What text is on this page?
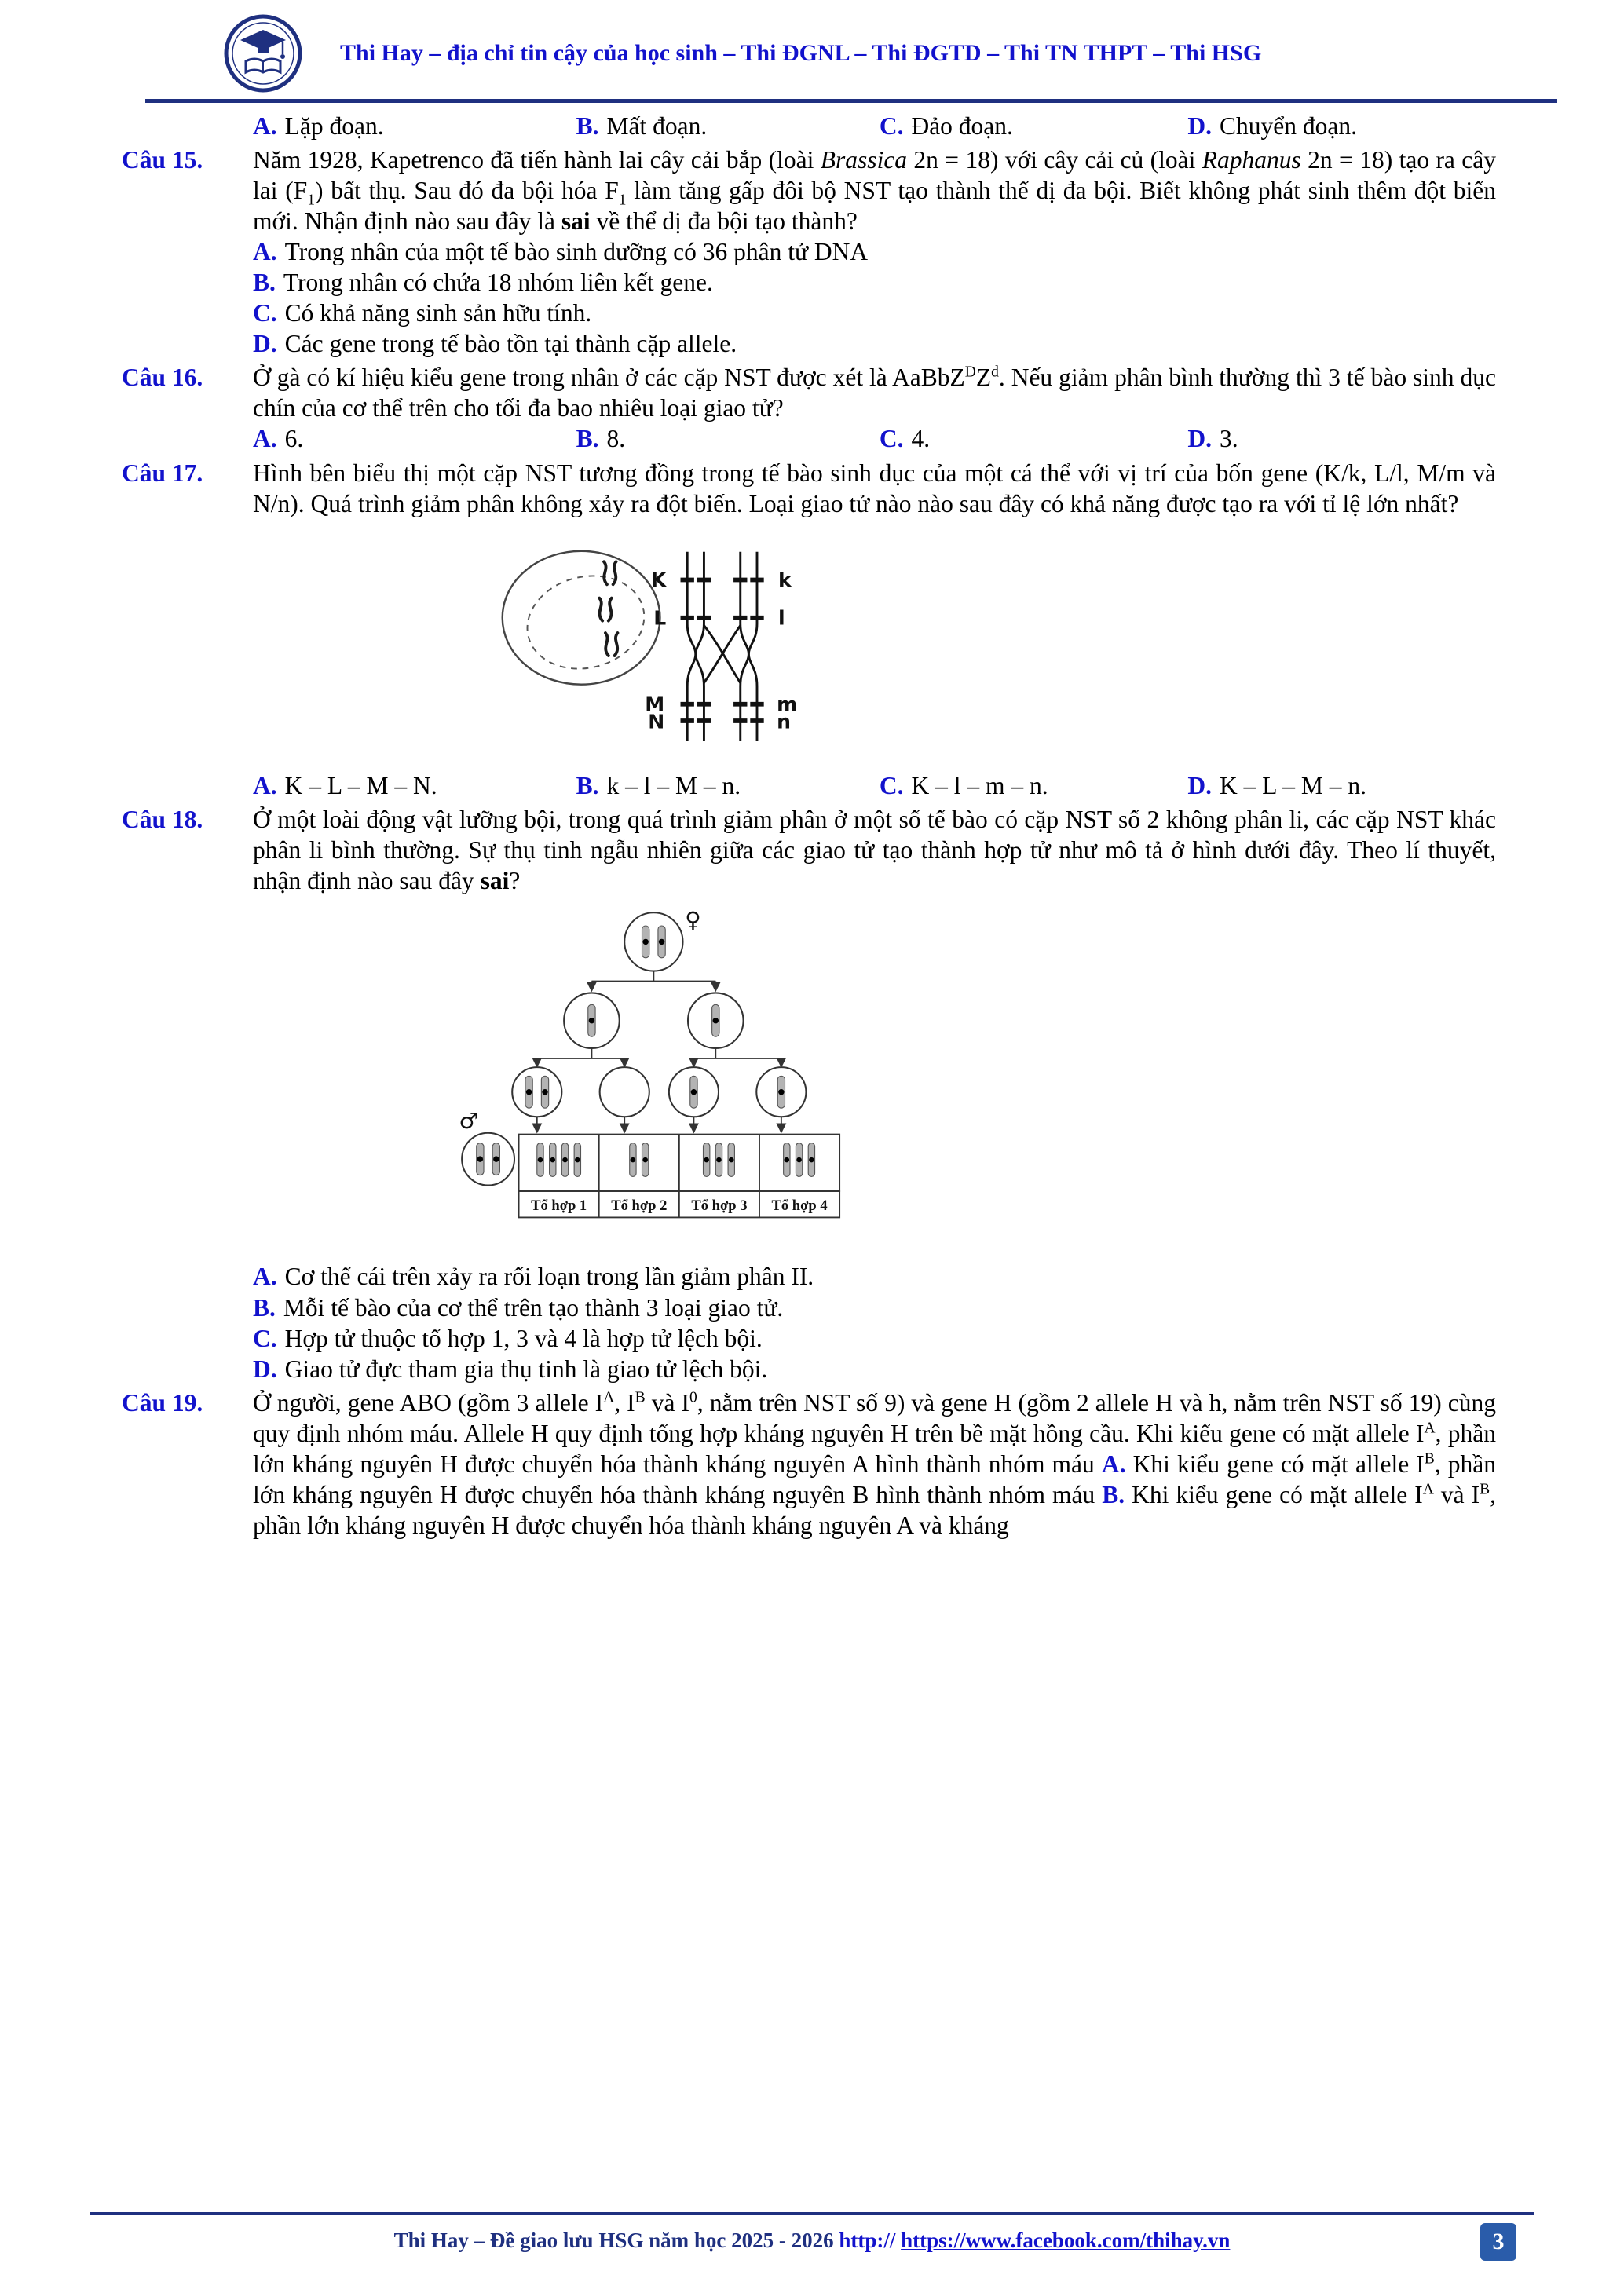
Thi Hay – địa chỉ tin cậy của học sinh – Thi ĐGNL – Thi ĐGTD – Thi TN THPT – Thi HSG
A. Lặp đoạn.	B. Mất đoạn.	C. Đảo đoạn.	D. Chuyển đoạn.
Câu 15.	Năm 1928, Kapetrenco đã tiến hành lai cây cải bắp (loài Brassica 2n = 18) với cây cải củ (loài Raphanus 2n = 18) tạo ra cây lai $(F_1)$ bất thụ. Sau đó đa bội hóa $F_1$ làm tăng gấp đôi bộ NST tạo thành thể dị đa bội. Biết không phát sinh thêm đột biến mới. Nhận định nào sau đây là sai về thể dị đa bội tạo thành?

A. Trong nhân của một tế bào sinh dưỡng có 36 phân tử DNA
B. Trong nhân có chứa 18 nhóm liên kết gene.
C. Có khả năng sinh sản hữu tính.
D. Các gene trong tế bào tồn tại thành cặp allele.
Câu 16.	Ở gà có kí hiệu kiểu gene trong nhân ở các cặp NST được xét là $AaBbZ^DZ^d$. Nếu giảm phân bình thường thì 3 tế bào sinh dục chín của cơ thể trên cho tối đa bao nhiêu loại giao tử?

A. 6.	B. 8.	C. 4.	D. 3.
Câu 17.	Hình bên biểu thị một cặp NST tương đồng trong tế bào sinh dục của một cá thể với vị trí của bốn gene (K/k, L/l, M/m và N/n). Quá trình giảm phân không xảy ra đột biến. Loại giao tử nào nào sau đây có khả năng được tạo ra với tỉ lệ lớn nhất?

K	k
L	l
M	m
N	n
A. K – L – M – N.	B. k – l – M – n.	C. K – l – m – n.	D. K – L – M – n.
Câu 18.	Ở một loài động vật lưỡng bội, trong quá trình giảm phân ở một số tế bào có cặp NST số 2 không phân li, các cặp NST khác phân li bình thường. Sự thụ tinh ngẫu nhiên giữa các giao tử tạo thành hợp tử như mô tả ở hình dưới đây. Theo lí thuyết, nhận định nào sau đây sai?

♀
♂
Tổ hợp 1 Tổ hợp 2 Tổ hợp 3 Tổ hợp 4
A. Cơ thể cái trên xảy ra rối loạn trong lần giảm phân II.
B. Mỗi tế bào của cơ thể trên tạo thành 3 loại giao tử.
C. Hợp tử thuộc tổ hợp 1, 3 và 4 là hợp tử lệch bội.
D. Giao tử đực tham gia thụ tinh là giao tử lệch bội.
Câu 19.	Ở người, gene ABO (gồm 3 allele $I^A$, $I^B$ và $I^0$, nằm trên NST số 9) và gene H (gồm 2 allele H và h, nằm trên NST số 19) cùng quy định nhóm máu. Allele H quy định tổng hợp kháng nguyên H trên bề mặt hồng cầu. Khi kiểu gene có mặt allele $I^A$, phần lớn kháng nguyên H được chuyển hóa thành kháng nguyên A hình thành nhóm máu A. Khi kiểu gene có mặt allele $I^B$, phần lớn kháng nguyên H được chuyển hóa thành kháng nguyên B hình thành nhóm máu B. Khi kiểu gene có mặt allele $I^A$ và $I^B$, phần lớn kháng nguyên H được chuyển hóa thành kháng nguyên A và kháng

Thi Hay – Đề giao lưu HSG năm học 2025 - 2026 http:// https://www.facebook.com/thihay.vn	3
